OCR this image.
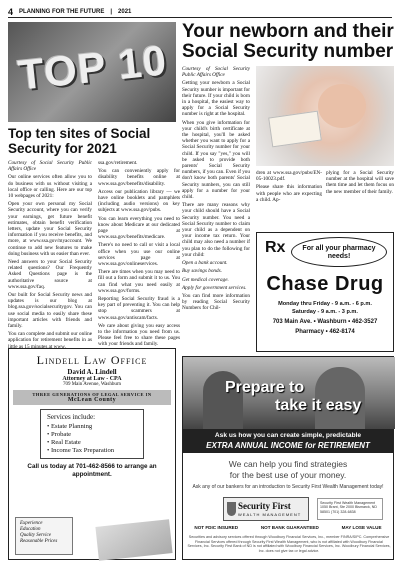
4 PLANNING FOR THE FUTURE | 2021
TOP 10
Top ten sites of Social Security for 2021

Courtesy of Social Security Public Affairs Office

Our online services often allow you to do business with us without visiting a local office or calling. Here are our top 10 webpages of 2021:

Open your own personal my Social Security account, where you can verify your earnings, get future benefit estimates, obtain benefit verification letters, update your Social Security information if you receive benefits, and more, at www.ssa.gov/myaccount. We continue to add new features to make doing business with us easier than ever.

Need answers to your Social Security related questions? Our Frequently Asked Questions page is the authoritative source at www.ssa.gov/faq.

Our built for Social Security news and updates is our blog at blog.ssa.gov/socialsecuritygov. You can use social media to easily share these important articles with friends and family.

You can complete and submit our online application for retirement benefits in as little as 15 minutes at www.

ssa.gov/retirement.

You can conveniently apply for disability benefits online at www.ssa.gov/benefits/disability.

Access our publication library — we have online booklets and pamphlets (including audio versions) on key subjects at www.ssa.gov/pubs.

You can learn everything you need to know about Medicare at our dedicated page at www.ssa.gov/benefits/medicare.

There's no need to call or visit a local office when you use our online services page at www.ssa.gov/onlineservices.

There are times when you may need to fill out a form and submit it to us. You can find what you need easily at www.ssa.gov/forms.

Reporting Social Security fraud is a key part of preventing it. You can help stop scammers at www.ssa.gov/antiscam/facts.

We care about giving you easy access to the information you need from us. Please feel free to share these pages with your friends and family.

Your newborn and their Social Security number

Courtesy of Social Security Public Affairs Office

Getting your newborn a Social Security number is important for their future. If your child is born in a hospital, the easiest way to apply for a Social Security number is right at the hospital.

When you give information for your child's birth certificate at the hospital, you'll be asked whether you want to apply for a Social Security number for your child. If you say "yes," you will be asked to provide both parents' Social Security numbers, if you can. Even if you don't know both parents' Social Security numbers, you can still apply for a number for your child.

There are many reasons why your child should have a Social Security number. You need a Social Security number to claim your child as a dependent on your income tax return. Your child may also need a number if you plan to do the following for your child:

Open a bank account.

Buy savings bonds.

Get medical coverage.

Apply for government services.

You can find more information by reading Social Security Numbers for Chil-

dren at www.ssa.gov/pubs/EN-05-10023.pdf.

Please share this information with people who are expecting a child. Ap-

plying for a Social Security number at the hospital will save them time and let them focus on the new member of their family.

Rx	For all your pharmacy needs!
Chase Drug
Monday thru Friday - 9 a.m. - 6 p.m.
Saturday - 9 a.m. - 3 p.m.
703 Main Ave. • Washburn • 462-3527
Pharmacy • 462-8174
Lindell Law Office
David A. Lindell
Attorney at Law - CPA
709 Main Avenue, Washburn
THREE GENERATIONS OF LEGAL SERVICE IN
McLean County
Services include:
• Estate Planning
• Probate
• Real Estate
• Income Tax Preparation
Call us today at 701-462-8566 to arrange an appointment.
Experience
Education
Quality Service
Reasonable Prices
Prepare to
take it easy
Ask us how you can create simple, predictable
EXTRA ANNUAL INCOME for RETIREMENT
We can help you find strategies
for the best use of your money.
Ask any of our bankers for an introduction to Security First Wealth Management today!
Security First
WEALTH MANAGEMENT
Security First Wealth Management 1050 Brant, Ste 2000 Bismarck, ND 58501 (701) 328-6838
NOT FDIC INSURED	NOT BANK GUARANTEED	MAY LOSE VALUE
Securities and advisory services offered through Woodbury Financial Services, Inc., member FINRA/SIPC. Comprehensive Financial Services offered through Security First Wealth Management, who is not affiliated with Woodbury Financial Services, Inc. Security First Bank of ND is not affiliated with Woodbury Financial Services, Inc. Woodbury Financial Services, Inc. does not give tax or legal advice.
